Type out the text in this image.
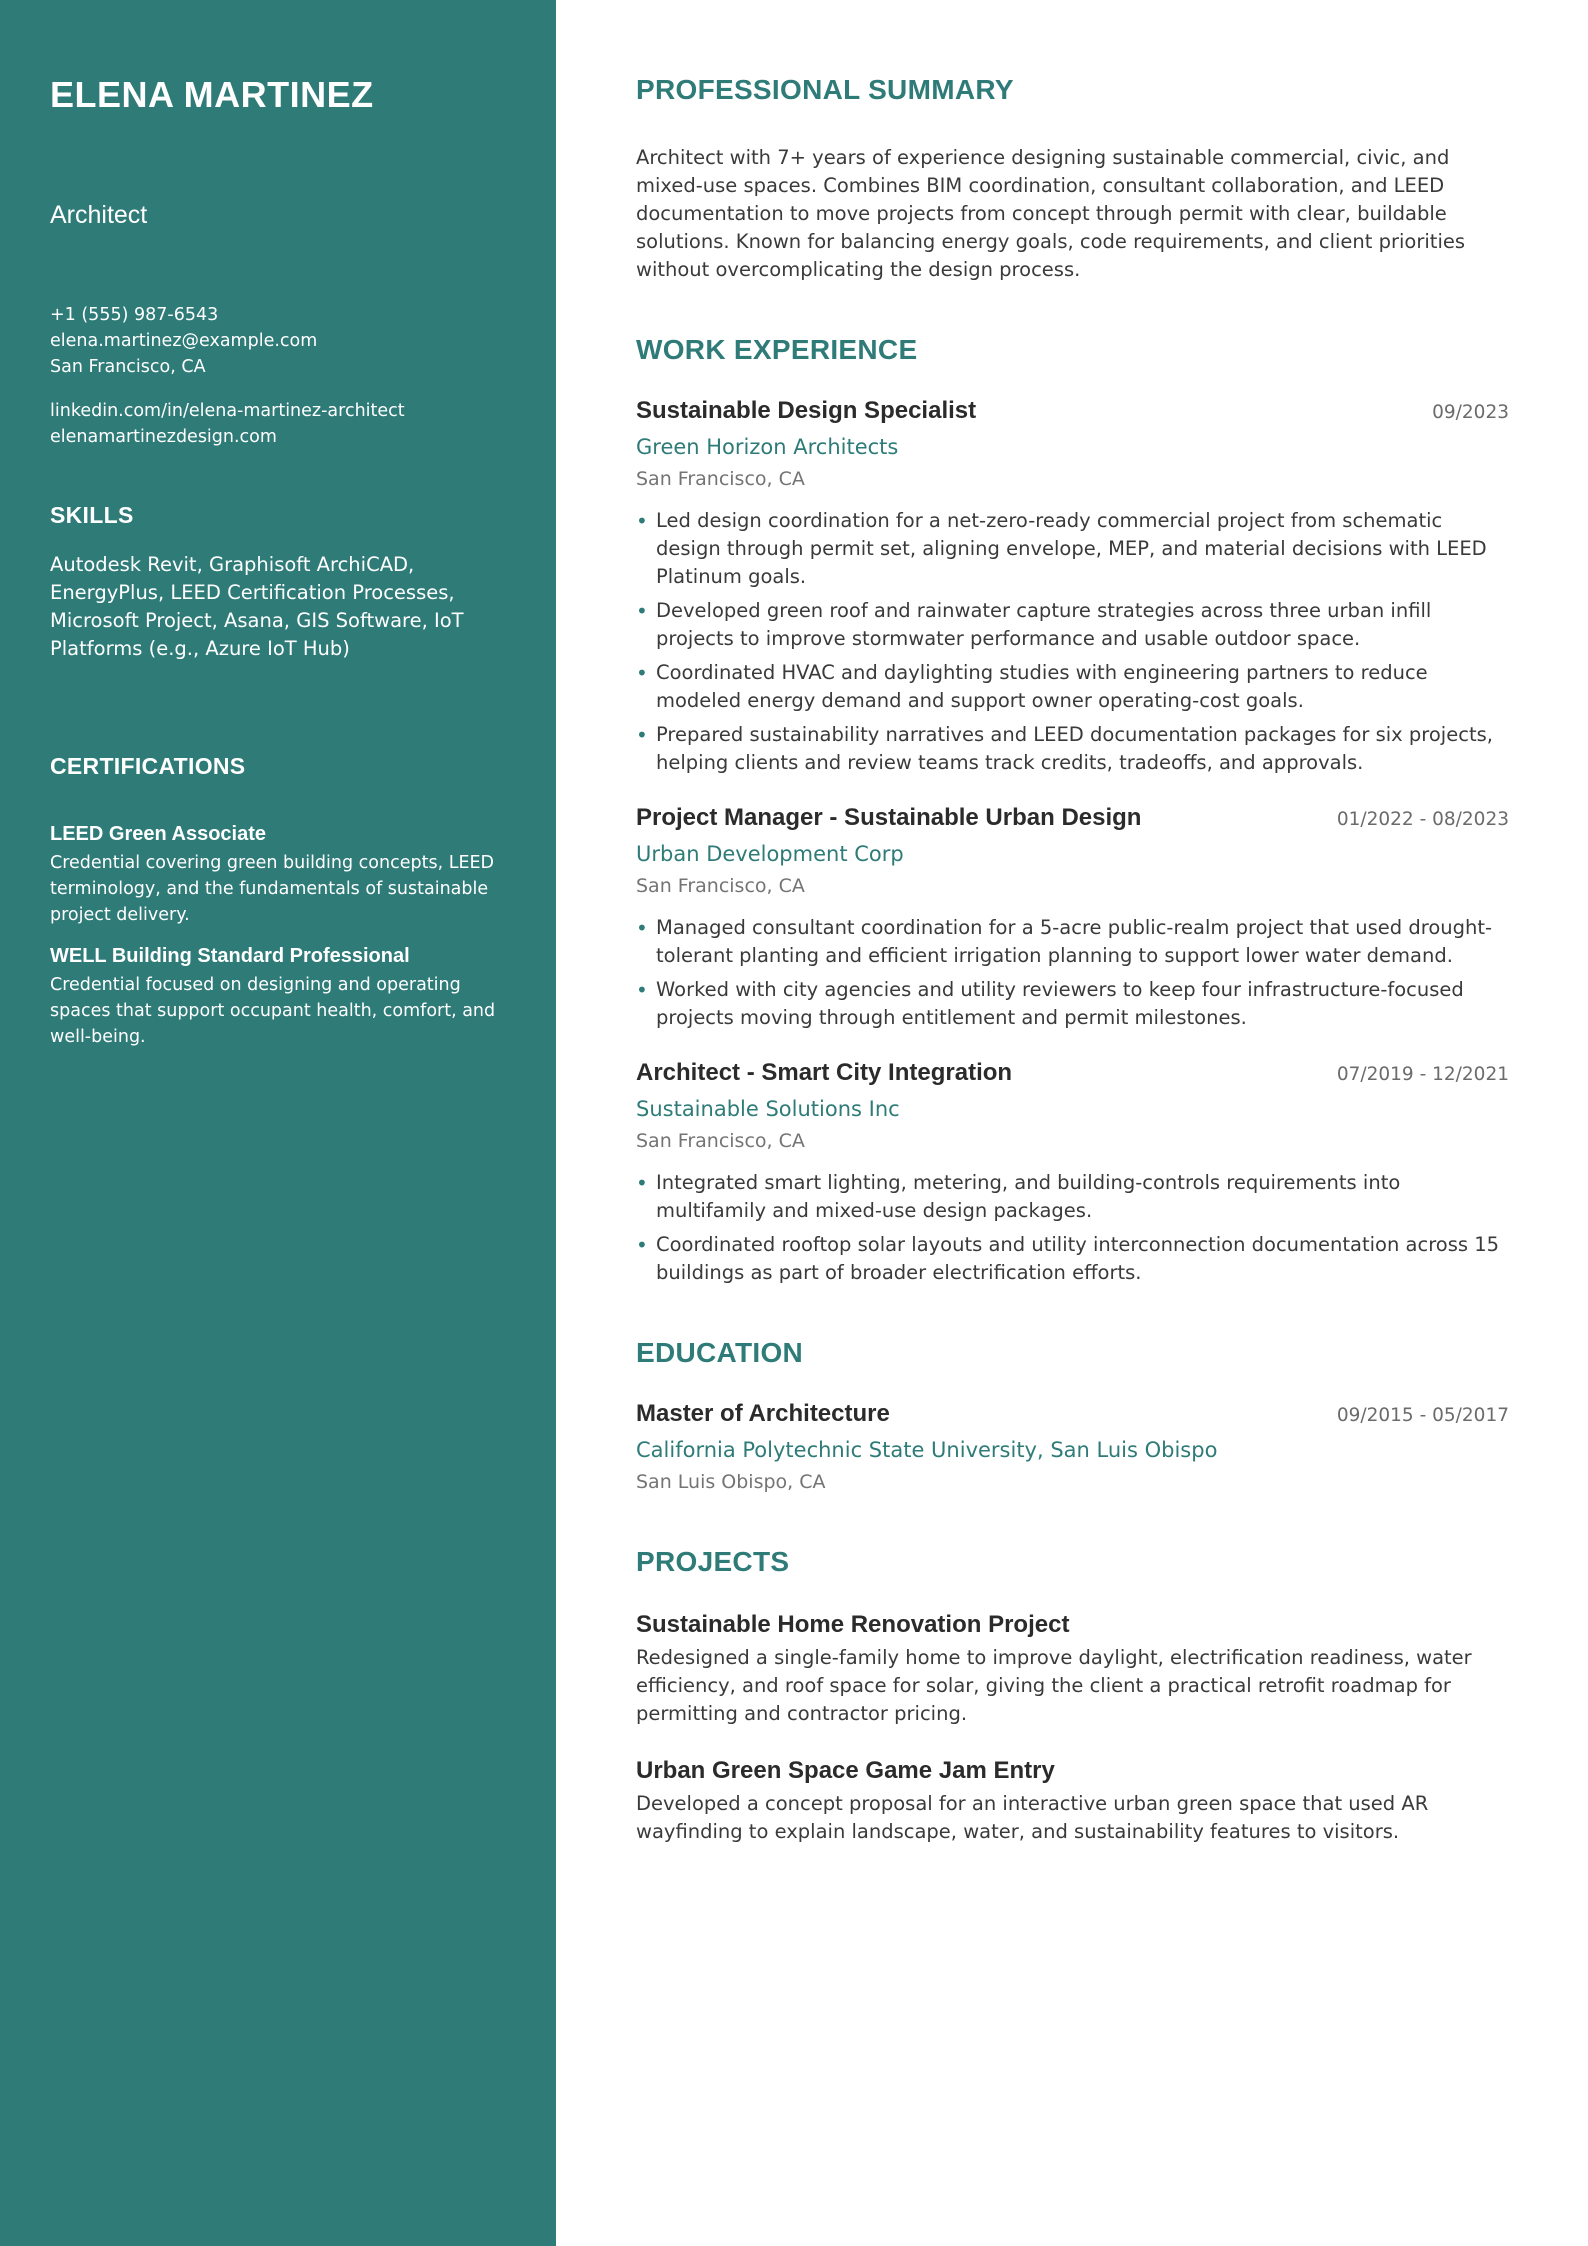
ELENA MARTINEZ
Architect
+1 (555) 987-6543
elena.martinez@example.com
San Francisco, CA
linkedin.com/in/elena-martinez-architect
elenamartinezdesign.com
SKILLS

Autodesk Revit, Graphisoft ArchiCAD, EnergyPlus, LEED Certification Processes, Microsoft Project, Asana, GIS Software, IoT Platforms (e.g., Azure IoT Hub)

CERTIFICATIONS
LEED Green Associate
Credential covering green building concepts, LEED terminology, and the fundamentals of sustainable project delivery.
WELL Building Standard Professional
Credential focused on designing and operating spaces that support occupant health, comfort, and well-being.
PROFESSIONAL SUMMARY

Architect with 7+ years of experience designing sustainable commercial, civic, and mixed-use spaces. Combines BIM coordination, consultant collaboration, and LEED documentation to move projects from concept through permit with clear, buildable solutions. Known for balancing energy goals, code requirements, and client priorities without overcomplicating the design process.

WORK EXPERIENCE
Sustainable Design Specialist	09/2023
Green Horizon Architects
San Francisco, CA
• Led design coordination for a net-zero-ready commercial project from schematic design through permit set, aligning envelope, MEP, and material decisions with LEED Platinum goals.
• Developed green roof and rainwater capture strategies across three urban infill projects to improve stormwater performance and usable outdoor space.
• Coordinated HVAC and daylighting studies with engineering partners to reduce modeled energy demand and support owner operating-cost goals.
• Prepared sustainability narratives and LEED documentation packages for six projects, helping clients and review teams track credits, tradeoffs, and approvals.
Project Manager - Sustainable Urban Design	01/2022 - 08/2023
Urban Development Corp
San Francisco, CA
• Managed consultant coordination for a 5-acre public-realm project that used drought-tolerant planting and efficient irrigation planning to support lower water demand.
• Worked with city agencies and utility reviewers to keep four infrastructure-focused projects moving through entitlement and permit milestones.
Architect - Smart City Integration	07/2019 - 12/2021
Sustainable Solutions Inc
San Francisco, CA
• Integrated smart lighting, metering, and building-controls requirements into multifamily and mixed-use design packages.
• Coordinated rooftop solar layouts and utility interconnection documentation across 15 buildings as part of broader electrification efforts.
EDUCATION
Master of Architecture	09/2015 - 05/2017
California Polytechnic State University, San Luis Obispo
San Luis Obispo, CA
PROJECTS
Sustainable Home Renovation Project

Redesigned a single-family home to improve daylight, electrification readiness, water efficiency, and roof space for solar, giving the client a practical retrofit roadmap for permitting and contractor pricing.

Urban Green Space Game Jam Entry

Developed a concept proposal for an interactive urban green space that used AR wayfinding to explain landscape, water, and sustainability features to visitors.
